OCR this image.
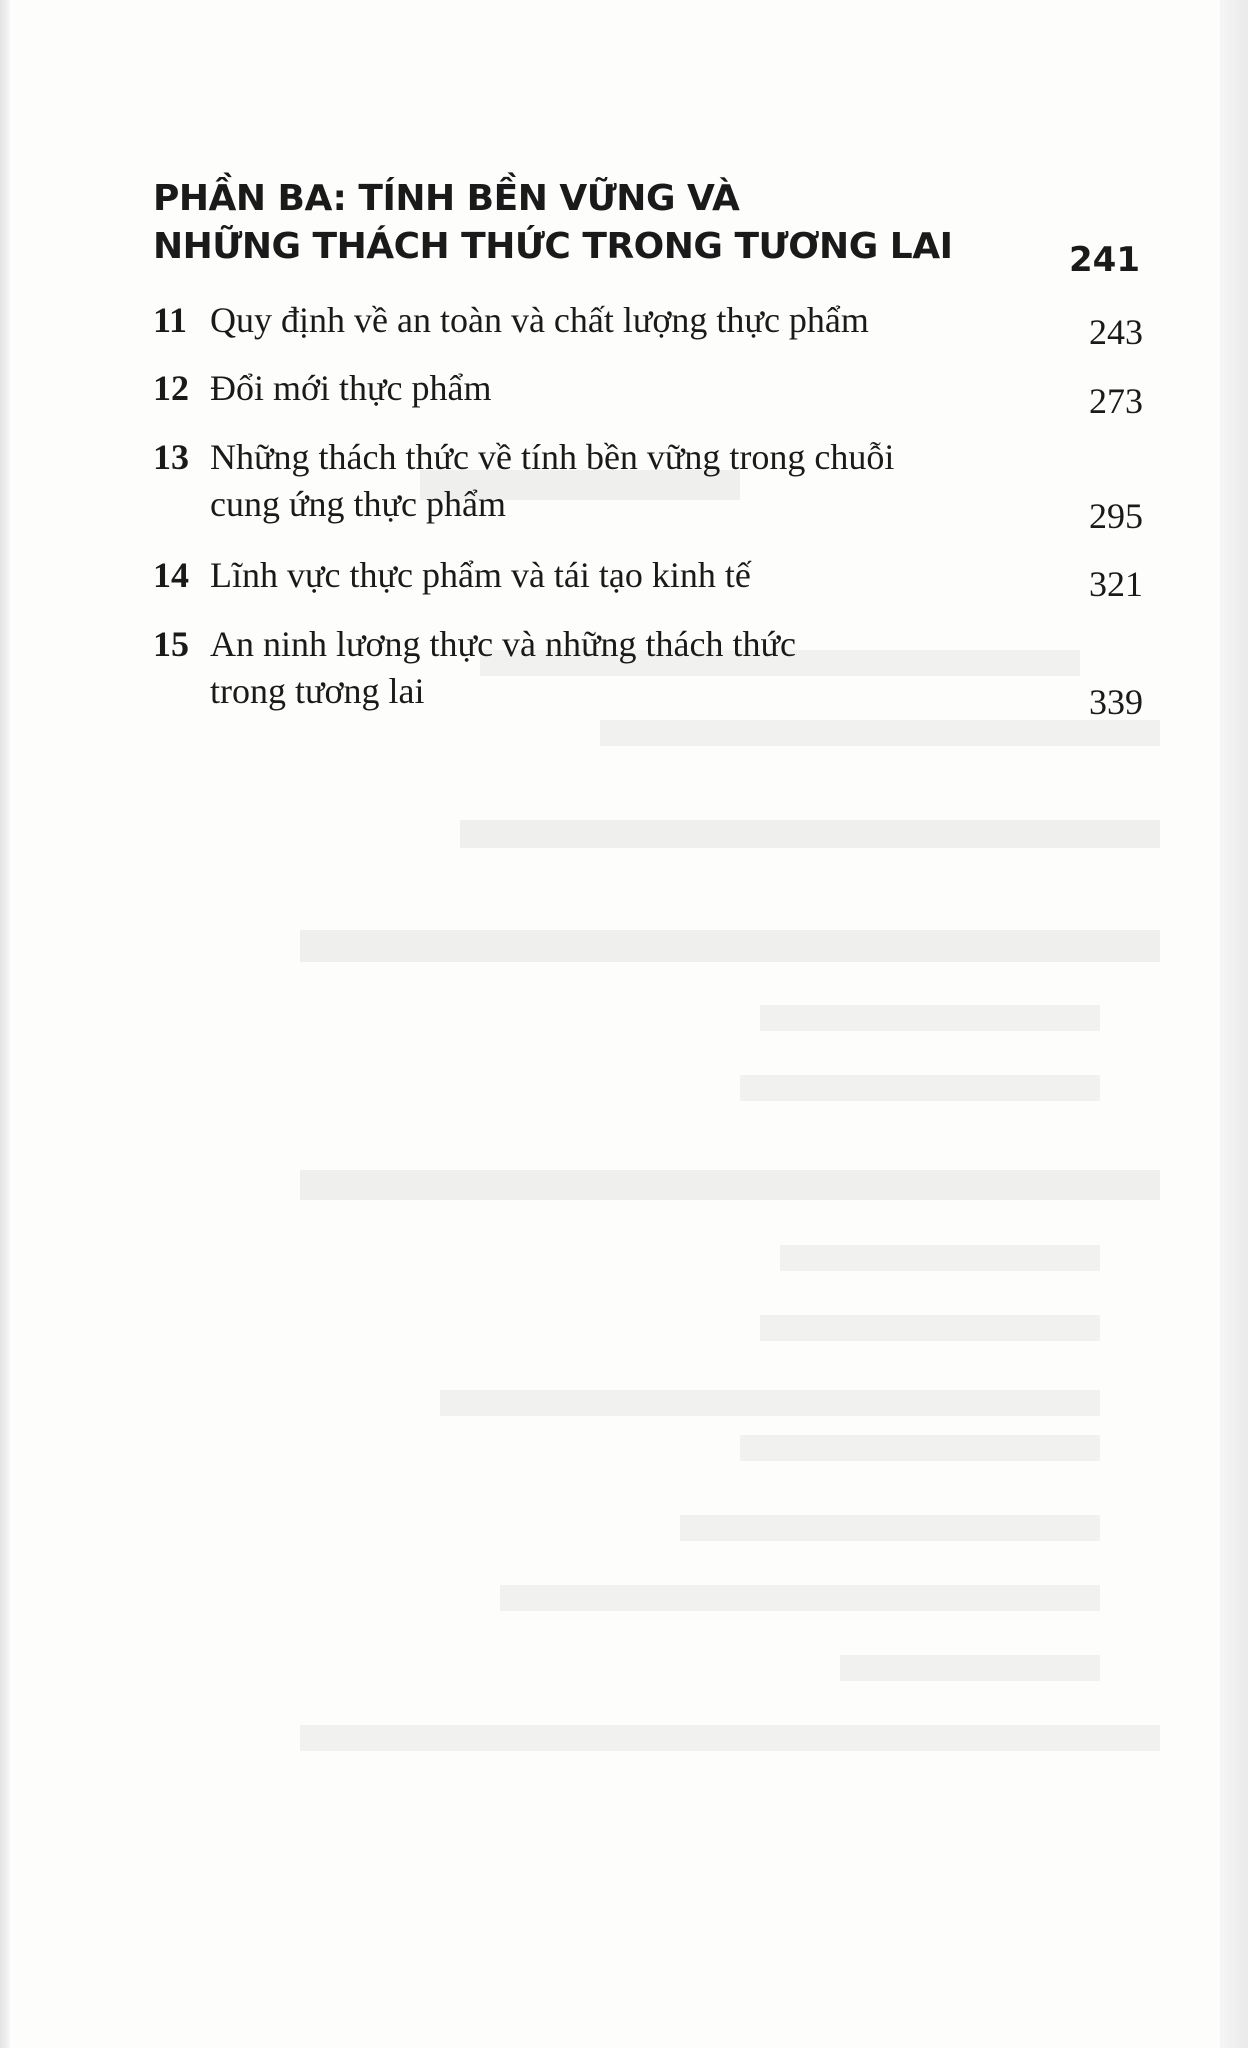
PHẦN BA: TÍNH BỀN VỮNG VÀ
NHỮNG THÁCH THỨC TRONG TƯƠNG LAI	241
11 Quy định về an toàn và chất lượng thực phẩm	243
12 Đổi mới thực phẩm	273
13 Những thách thức về tính bền vững trong chuỗi
cung ứng thực phẩm	295
14 Lĩnh vực thực phẩm và tái tạo kinh tế	321
15 An ninh lương thực và những thách thức
trong tương lai	339
